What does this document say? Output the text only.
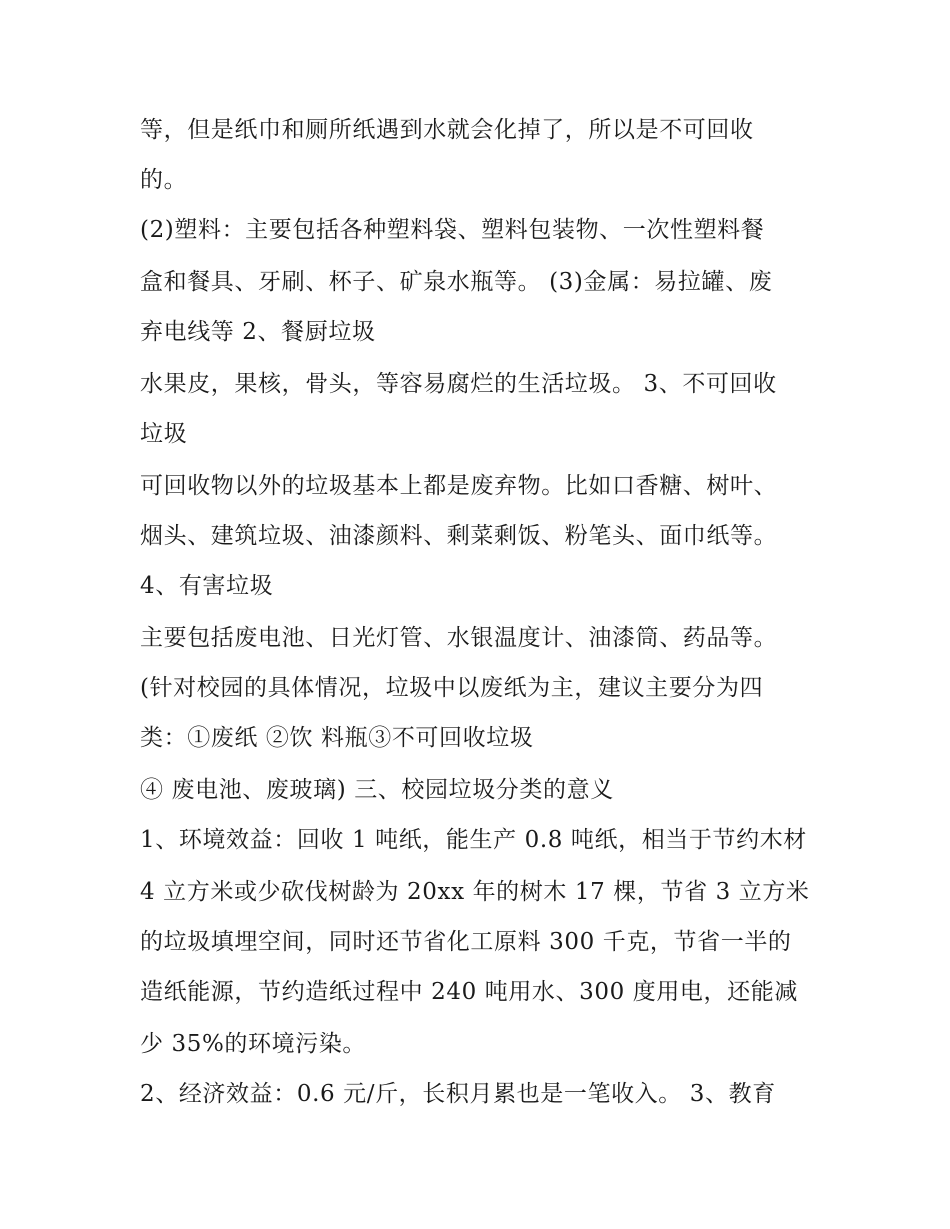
等，但是纸巾和厕所纸遇到水就会化掉了，所以是不可回收
的。
(2)塑料：主要包括各种塑料袋、塑料包装物、一次性塑料餐
盒和餐具、牙刷、杯子、矿泉水瓶等。 (3)金属：易拉罐、废
弃电线等 2、餐厨垃圾
水果皮，果核，骨头，等容易腐烂的生活垃圾。 3、不可回收
垃圾
可回收物以外的垃圾基本上都是废弃物。比如口香糖、树叶、
烟头、建筑垃圾、油漆颜料、剩菜剩饭、粉笔头、面巾纸等。
4、有害垃圾
主要包括废电池、日光灯管、水银温度计、油漆筒、药品等。
(针对校园的具体情况，垃圾中以废纸为主，建议主要分为四
类：①废纸 ②饮 料瓶③不可回收垃圾
④ 废电池、废玻璃) 三、校园垃圾分类的意义
1、环境效益：回收 1 吨纸，能生产 0.8 吨纸，相当于节约木材
4 立方米或少砍伐树龄为 20xx 年的树木 17 棵，节省 3 立方米
的垃圾填埋空间，同时还节省化工原料 300 千克，节省一半的
造纸能源，节约造纸过程中 240 吨用水、300 度用电，还能减
少 35%的环境污染。
2、经济效益：0.6 元/斤，长积月累也是一笔收入。 3、教育
